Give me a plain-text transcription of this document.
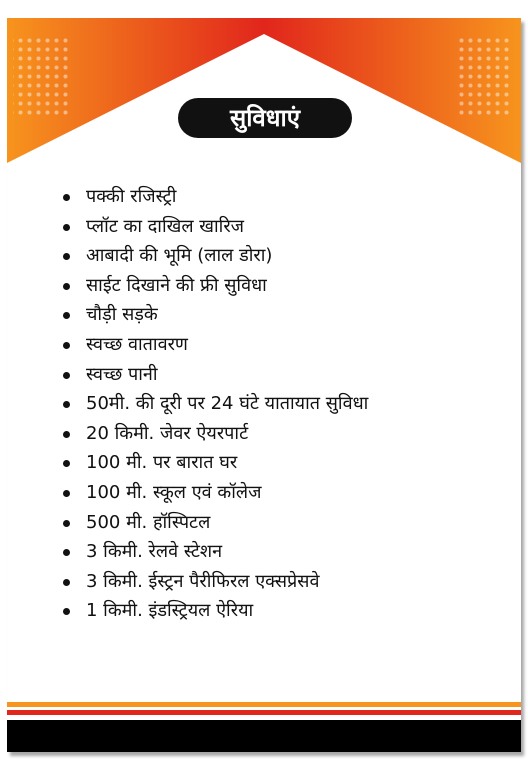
सुविधाएं
पक्की रजिस्ट्री
प्लॉट का दाखिल खारिज
आबादी की भूमि (लाल डोरा)
साईट दिखाने की फ्री सुविधा
चौड़ी सड़के
स्वच्छ वातावरण
स्वच्छ पानी
50मी. की दूरी पर 24 घंटे यातायात सुविधा
20 किमी. जेवर ऐयरपार्ट
100 मी. पर बारात घर
100 मी. स्कूल एवं कॉलेज
500 मी. हॉस्पिटल
3 किमी. रेलवे स्टेशन
3 किमी. ईस्ट्रन पैरीफिरल एक्सप्रेसवे
1 किमी. इंडस्ट्रियल ऐरिया
